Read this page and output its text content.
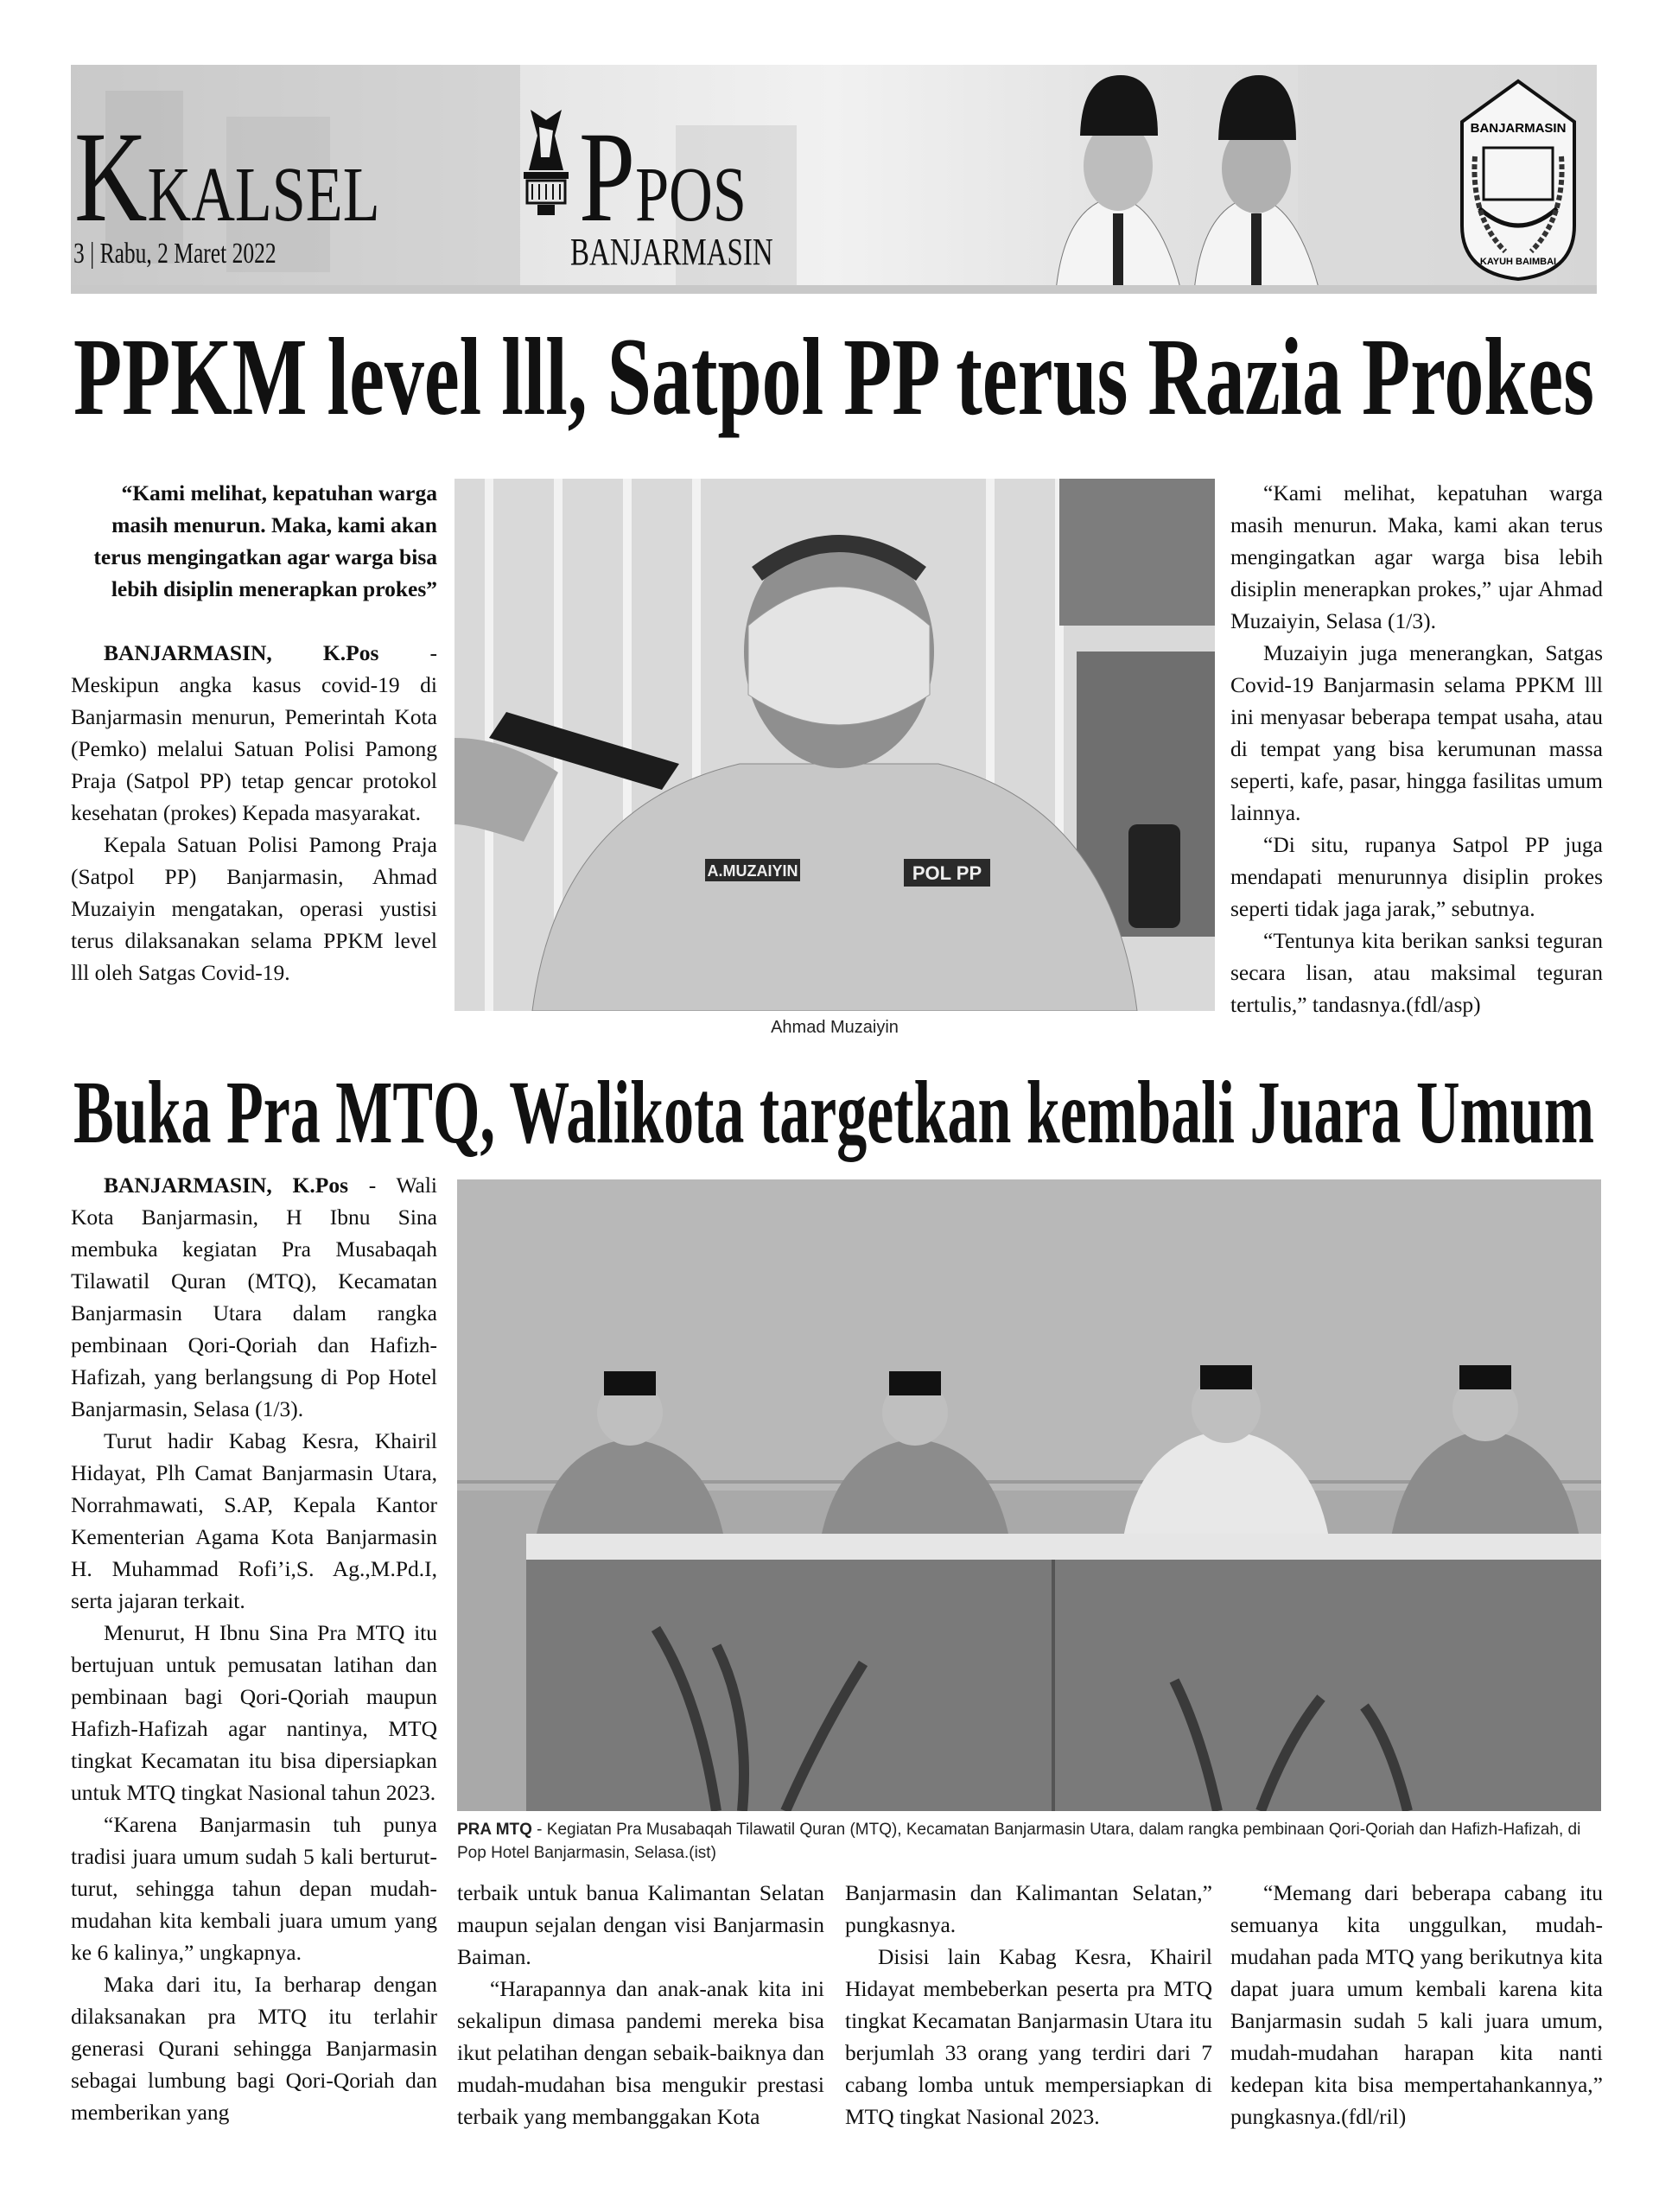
BANJARMASIN
KAYUH BAIMBAI
KKALSEL PPOS
3 | Rabu, 2 Maret 2022	BANJARMASIN
PPKM level lll, Satpol PP terus Razia Prokes
“Kami melihat, kepatuhan warga masih menurun. Maka, kami akan terus mengingatkan agar warga bisa lebih disiplin menerapkan prokes”

BANJARMASIN, K.Pos - Meskipun angka kasus covid-19 di Banjarmasin menurun, Pemerintah Kota (Pemko) melalui Satuan Polisi Pamong Praja (Satpol PP) tetap gencar protokol kesehatan (prokes) Kepada masyarakat.

Kepala Satuan Polisi Pamong Praja (Satpol PP) Banjarmasin, Ahmad Muzaiyin mengatakan, operasi yustisi terus dilaksanakan selama PPKM level lll oleh Satgas Covid-19.

A.MUZAIYIN	POL PP
Ahmad Muzaiyin

“Kami melihat, kepatuhan warga masih menurun. Maka, kami akan terus mengingatkan agar warga bisa lebih disiplin menerapkan prokes,” ujar Ahmad Muzaiyin, Selasa (1/3).

Muzaiyin juga menerangkan, Satgas Covid-19 Banjarmasin selama PPKM lll ini menyasar beberapa tempat usaha, atau di tempat yang bisa kerumunan massa seperti, kafe, pasar, hingga fasilitas umum lainnya.

“Di situ, rupanya Satpol PP juga mendapati menurunnya disiplin prokes seperti tidak jaga jarak,” sebutnya.

“Tentunya kita berikan sanksi teguran secara lisan, atau maksimal teguran tertulis,” tandasnya.(fdl/asp)

Buka Pra MTQ, Walikota targetkan kembali Juara Umum

BANJARMASIN, K.Pos - Wali Kota Banjarmasin, H Ibnu Sina membuka kegiatan Pra Musabaqah Tilawatil Quran (MTQ), Kecamatan Banjarmasin Utara dalam rangka pembinaan Qori-Qoriah dan Hafizh-Hafizah, yang berlangsung di Pop Hotel Banjarmasin, Selasa (1/3).

Turut hadir Kabag Kesra, Khairil Hidayat, Plh Camat Banjarmasin Utara, Norrahmawati, S.AP, Kepala Kantor Kementerian Agama Kota Banjarmasin H. Muhammad Rofi’i,S. Ag.,M.Pd.I, serta jajaran terkait.

Menurut, H Ibnu Sina Pra MTQ itu bertujuan untuk pemusatan latihan dan pembinaan bagi Qori-Qoriah maupun Hafizh-Hafizah agar nantinya, MTQ tingkat Kecamatan itu bisa dipersiapkan untuk MTQ tingkat Nasional tahun 2023.

“Karena Banjarmasin tuh punya tradisi juara umum sudah 5 kali berturut-turut, sehingga tahun depan mudah-mudahan kita kembali juara umum yang ke 6 kalinya,” ungkapnya.

Maka dari itu, Ia berharap dengan dilaksanakan pra MTQ itu terlahir generasi Qurani sehingga Banjarmasin sebagai lumbung bagi Qori-Qoriah dan memberikan yang

PRA MTQ - Kegiatan Pra Musabaqah Tilawatil Quran (MTQ), Kecamatan Banjarmasin Utara, dalam rangka pembinaan Qori-Qoriah dan Hafizh-Hafizah, di Pop Hotel Banjarmasin, Selasa.(ist)

terbaik untuk banua Kalimantan Selatan maupun sejalan dengan visi Banjarmasin Baiman.

“Harapannya dan anak-anak kita ini sekalipun dimasa pandemi mereka bisa ikut pelatihan dengan sebaik-baiknya dan mudah-mudahan bisa mengukir prestasi terbaik yang membanggakan Kota

Banjarmasin dan Kalimantan Selatan,” pungkasnya.

Disisi lain Kabag Kesra, Khairil Hidayat membeberkan peserta pra MTQ tingkat Kecamatan Banjarmasin Utara itu berjumlah 33 orang yang terdiri dari 7 cabang lomba untuk mempersiapkan di MTQ tingkat Nasional 2023.

“Memang dari beberapa cabang itu semuanya kita unggulkan, mudah-mudahan pada MTQ yang berikutnya kita dapat juara umum kembali karena kita Banjarmasin sudah 5 kali juara umum, mudah-mudahan harapan kita nanti kedepan kita bisa mempertahankannya,” pungkasnya.(fdl/ril)
